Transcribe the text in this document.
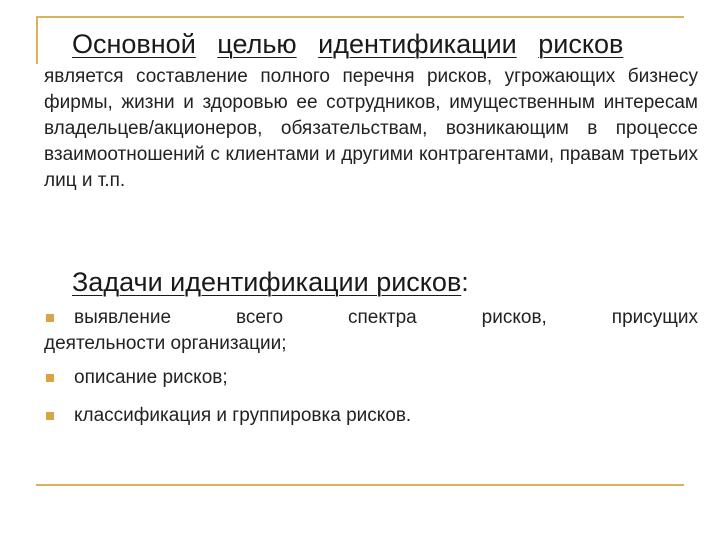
Основной целью идентификации рисков
является составление полного перечня рисков, угрожающих бизнесу фирмы, жизни и здоровью ее сотрудников, имущественным интересам владельцев/акционеров, обязательствам, возникающим в процессе взаимоотношений с клиентами и другими контрагентами, правам третьих лиц и т.п.
Задачи идентификации рисков:
выявление всего спектра рисков, присущих
деятельности организации;
описание рисков;
классификация и группировка рисков.
